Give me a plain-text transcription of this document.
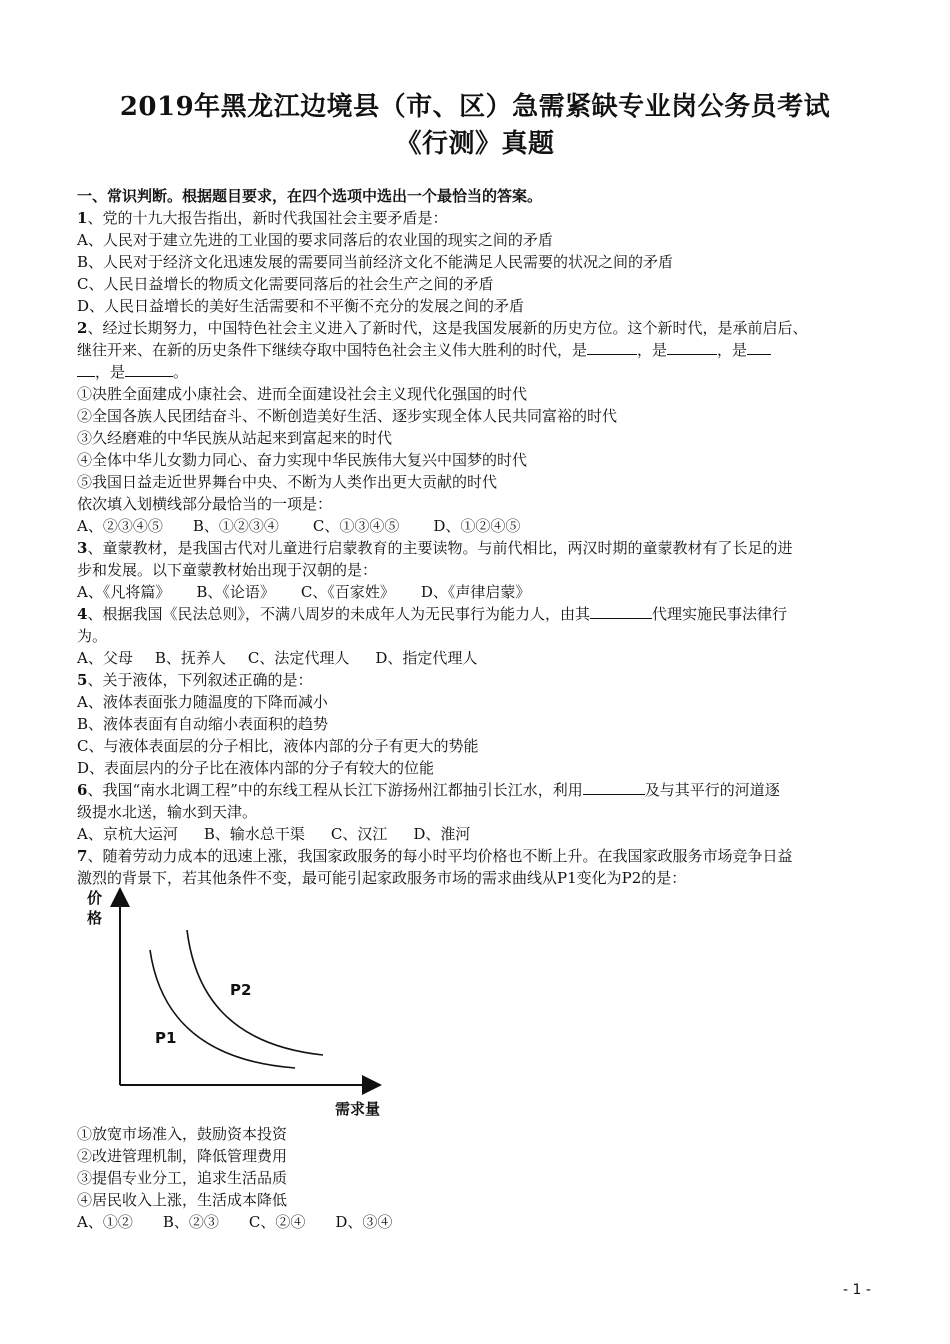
2019年黑龙江边境县（市、区）急需紧缺专业岗公务员考试
《行测》真题
一、常识判断。根据题目要求，在四个选项中选出一个最恰当的答案。
1、党的十九大报告指出，新时代我国社会主要矛盾是：
A、人民对于建立先进的工业国的要求同落后的农业国的现实之间的矛盾
B、人民对于经济文化迅速发展的需要同当前经济文化不能满足人民需要的状况之间的矛盾
C、人民日益增长的物质文化需要同落后的社会生产之间的矛盾
D、人民日益增长的美好生活需要和不平衡不充分的发展之间的矛盾
2、经过长期努力，中国特色社会主义进入了新时代，这是我国发展新的历史方位。这个新时代，是承前启后、
继往开来、在新的历史条件下继续夺取中国特色社会主义伟大胜利的时代，是	，是	，是
，是	。
①决胜全面建成小康社会、进而全面建设社会主义现代化强国的时代
②全国各族人民团结奋斗、不断创造美好生活、逐步实现全体人民共同富裕的时代
③久经磨难的中华民族从站起来到富起来的时代
④全体中华儿女勠力同心、奋力实现中华民族伟大复兴中国梦的时代
⑤我国日益走近世界舞台中央、不断为人类作出更大贡献的时代
依次填入划横线部分最恰当的一项是：
A、②③④⑤ B、①②③④ C、①③④⑤ D、①②④⑤
3、童蒙教材，是我国古代对儿童进行启蒙教育的主要读物。与前代相比，两汉时期的童蒙教材有了长足的进
步和发展。以下童蒙教材始出现于汉朝的是：
A、《凡将篇》 B、《论语》 C、《百家姓》 D、《声律启蒙》
4、根据我国《民法总则》，不满八周岁的未成年人为无民事行为能力人，由其	代理实施民事法律行
为。
A、父母 B、抚养人 C、法定代理人 D、指定代理人
5、关于液体，下列叙述正确的是：
A、液体表面张力随温度的下降而减小
B、液体表面有自动缩小表面积的趋势
C、与液体表面层的分子相比，液体内部的分子有更大的势能
D、表面层内的分子比在液体内部的分子有较大的位能
6、我国“南水北调工程”中的东线工程从长江下游扬州江都抽引长江水，利用	及与其平行的河道逐
级提水北送，输水到天津。
A、京杭大运河 B、输水总干渠 C、汉江 D、淮河
7、随着劳动力成本的迅速上涨，我国家政服务的每小时平均价格也不断上升。在我国家政服务市场竞争日益
激烈的背景下，若其他条件不变，最可能引起家政服务市场的需求曲线从P1变化为P2的是：
价
格
需求量
P1
P2
①放宽市场准入，鼓励资本投资
②改进管理机制，降低管理费用
③提倡专业分工，追求生活品质
④居民收入上涨，生活成本降低
A、①② B、②③ C、②④ D、③④
- 1 -
